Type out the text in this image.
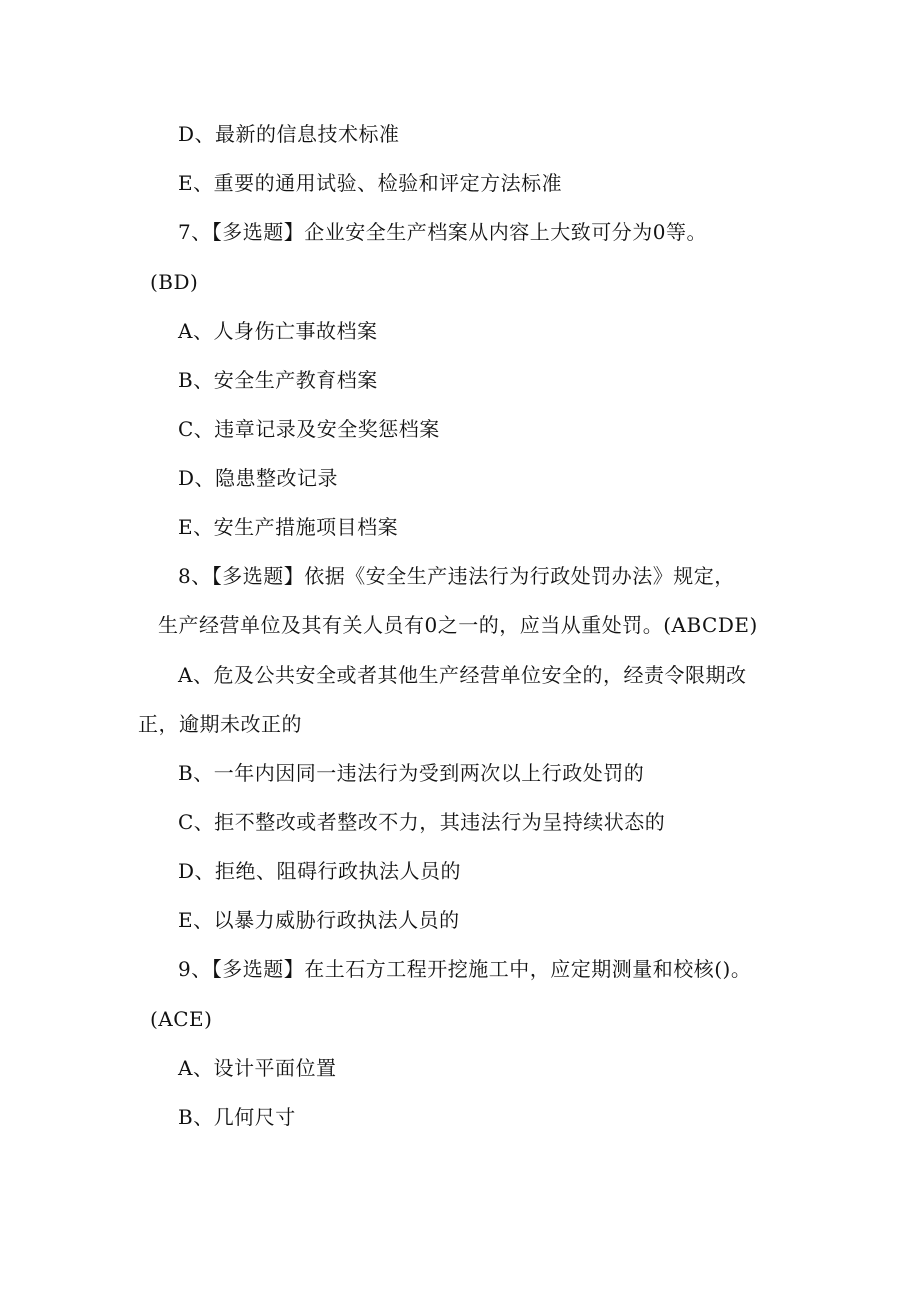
D、最新的信息技术标准
E、重要的通用试验、检验和评定方法标准
7、【多选题】企业安全生产档案从内容上大致可分为0等。
(BD)
A、人身伤亡事故档案
B、安全生产教育档案
C、违章记录及安全奖惩档案
D、隐患整改记录
E、安生产措施项目档案
8、【多选题】依据《安全生产违法行为行政处罚办法》规定，
生产经营单位及其有关人员有0之一的，应当从重处罚。(ABCDE)
A、危及公共安全或者其他生产经营单位安全的，经责令限期改
正，逾期未改正的
B、一年内因同一违法行为受到两次以上行政处罚的
C、拒不整改或者整改不力，其违法行为呈持续状态的
D、拒绝、阻碍行政执法人员的
E、以暴力威胁行政执法人员的
9、【多选题】在土石方工程开挖施工中，应定期测量和校核()。
(ACE)
A、设计平面位置
B、几何尺寸
